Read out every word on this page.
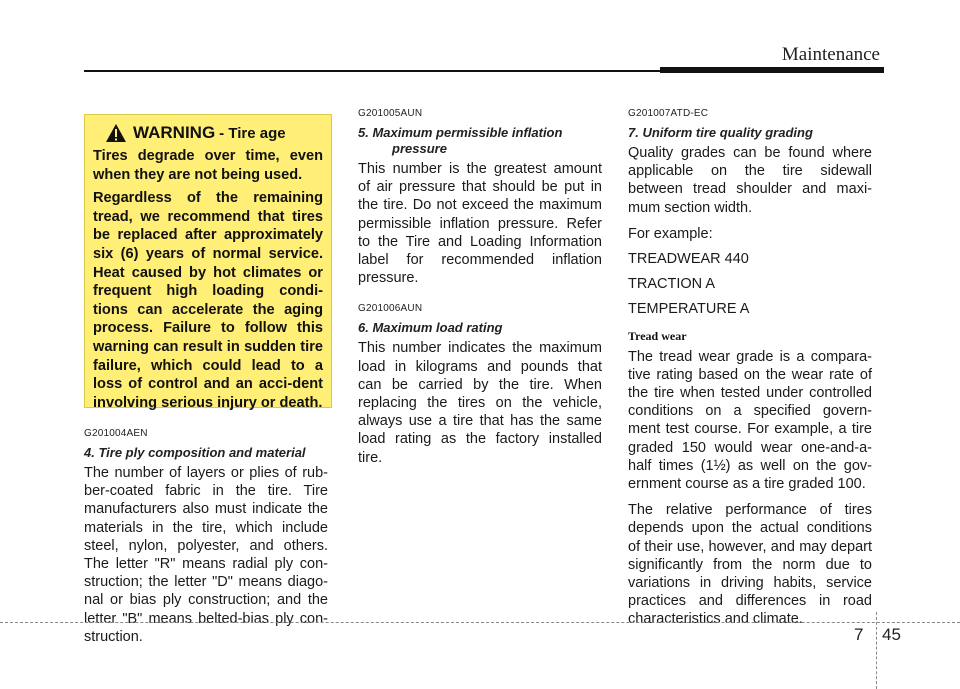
Maintenance
WARNING - Tire age

Tires degrade over time, even when they are not being used.

Regardless of the remaining tread, we recommend that tires be replaced after approximately six (6) years of normal service. Heat caused by hot climates or frequent high loading condi-tions can accelerate the aging process. Failure to follow this warning can result in sudden tire failure, which could lead to a loss of control and an acci-dent involving serious injury or death.

G201004AEN
4. Tire ply composition and material

The number of layers or plies of rub-ber-coated fabric in the tire. Tire manufacturers also must indicate the materials in the tire, which include steel, nylon, polyester, and others. The letter "R" means radial ply con-struction; the letter "D" means diago-nal or bias ply construction; and the letter "B" means belted-bias ply con-struction.

G201005AUN
5. Maximum permissible inflation
pressure

This number is the greatest amount of air pressure that should be put in the tire. Do not exceed the maximum permissible inflation pressure. Refer to the Tire and Loading Information label for recommended inflation pressure.

G201006AUN
6. Maximum load rating

This number indicates the maximum load in kilograms and pounds that can be carried by the tire. When replacing the tires on the vehicle, always use a tire that has the same load rating as the factory installed tire.

G201007ATD-EC
7. Uniform tire quality grading

Quality grades can be found where applicable on the tire sidewall between tread shoulder and maxi-mum section width.

For example:

TREADWEAR 440

TRACTION A

TEMPERATURE A

Tread wear

The tread wear grade is a compara-tive rating based on the wear rate of the tire when tested under controlled conditions on a specified govern-ment test course. For example, a tire graded 150 would wear one-and-a-half times (1½) as well on the gov-ernment course as a tire graded 100.

The relative performance of tires depends upon the actual conditions of their use, however, and may depart significantly from the norm due to variations in driving habits, service practices and differences in road characteristics and climate.

7 45
